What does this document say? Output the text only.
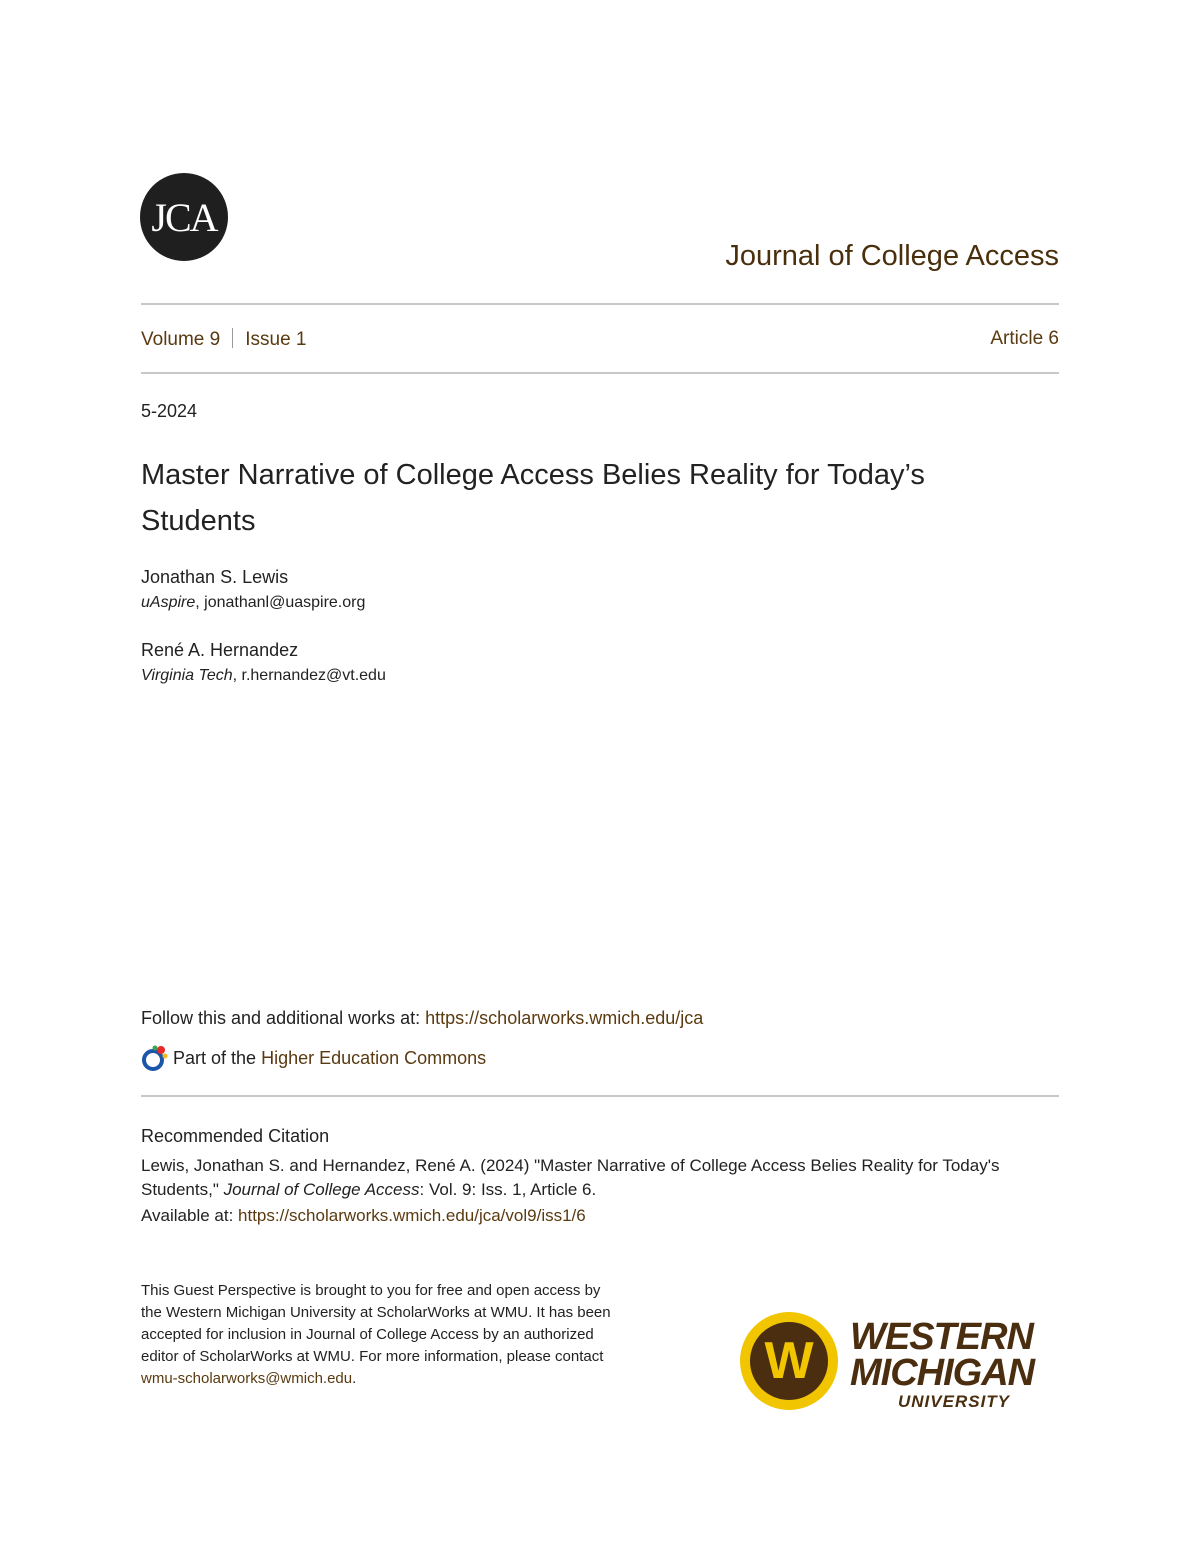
JCA
Journal of College Access
Volume 9 Issue 1	Article 6
5-2024
Master Narrative of College Access Belies Reality for Today’s Students
Jonathan S. Lewis
uAspire, jonathanl@uaspire.org
René A. Hernandez
Virginia Tech, r.hernandez@vt.edu
Follow this and additional works at: https://scholarworks.wmich.edu/jca
Part of the
Higher Education Commons
Recommended Citation
Lewis, Jonathan S. and Hernandez, René A. (2024) "Master Narrative of College Access Belies Reality for Today's Students," Journal of College Access: Vol. 9: Iss. 1, Article 6.
Available at: https://scholarworks.wmich.edu/jca/vol9/iss1/6
This Guest Perspective is brought to you for free and open access by the Western Michigan University at ScholarWorks at WMU. It has been accepted for inclusion in Journal of College Access by an authorized editor of ScholarWorks at WMU. For more information, please contact wmu-scholarworks@wmich.edu.	W WESTERN
MICHIGAN
UNIVERSITY
